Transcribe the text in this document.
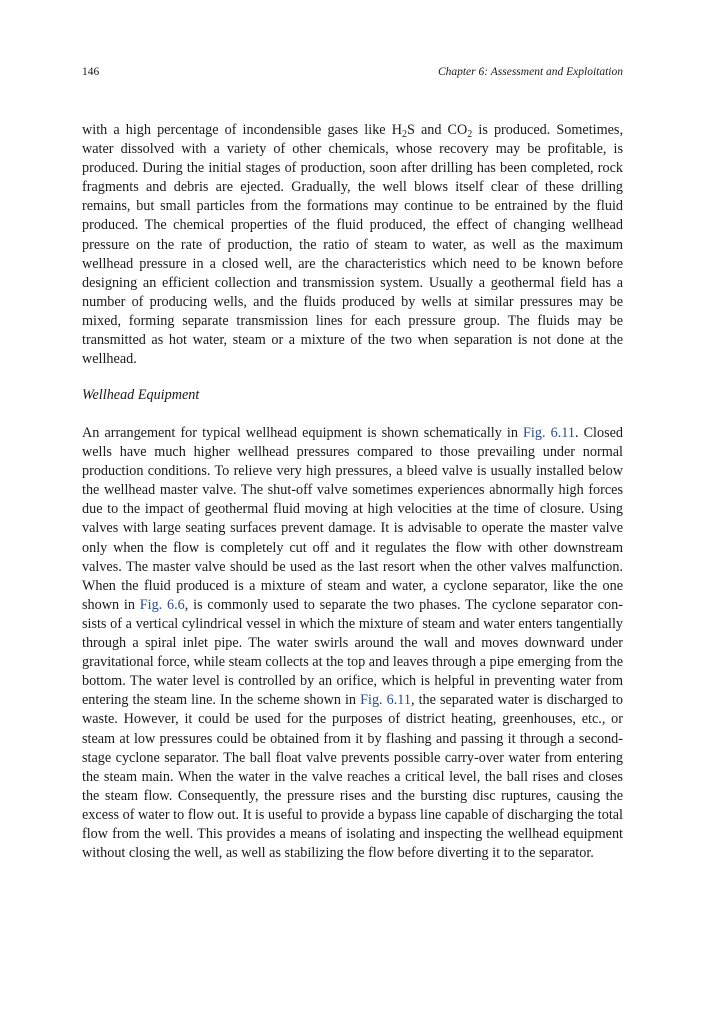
146	Chapter 6: Assessment and Exploitation

with a high percentage of incondensible gases like $H_2S$ and $CO_2$ is produced. Sometimes, water dissolved with a variety of other chemicals, whose recovery may be profitable, is produced. During the initial stages of production, soon after drilling has been completed, rock fragments and debris are ejected. Gradually, the well blows itself clear of these drilling remains, but small particles from the formations may continue to be entrained by the fluid produced. The chemical properties of the fluid produced, the effect of changing wellhead pressure on the rate of production, the ratio of steam to water, as well as the maximum wellhead pressure in a closed well, are the characteristics which need to be known before designing an efficient collection and transmission system. Usually a geothermal field has a number of producing wells, and the fluids produced by wells at similar pressures may be mixed, forming separate transmission lines for each pressure group. The fluids may be transmitted as hot water, steam or a mixture of the two when separation is not done at the wellhead.

Wellhead Equipment

An arrangement for typical wellhead equipment is shown schematically in Fig. 6.11. Closed wells have much higher wellhead pressures compared to those prevailing under normal production conditions. To relieve very high pressures, a bleed valve is usually installed below the wellhead master valve. The shut-off valve sometimes experiences abnormally high forces due to the impact of geothermal fluid moving at high velocities at the time of closure. Using valves with large seating surfaces prevent damage. It is advisable to operate the master valve only when the flow is completely cut off and it regulates the flow with other downstream valves. The master valve should be used as the last resort when the other valves malfunction. When the fluid produced is a mixture of steam and water, a cyclone separator, like the one shown in Fig. 6.6, is commonly used to separate the two phases. The cyclone separator consists of a vertical cylindrical vessel in which the mixture of steam and water enters tangentially through a spiral inlet pipe. The water swirls around the wall and moves downward under gravitational force, while steam collects at the top and leaves through a pipe emerging from the bottom. The water level is controlled by an orifice, which is helpful in preventing water from entering the steam line. In the scheme shown in Fig. 6.11, the separated water is discharged to waste. However, it could be used for the purposes of district heating, greenhouses, etc., or steam at low pressures could be obtained from it by flashing and passing it through a second-stage cyclone separator. The ball float valve prevents possible carry-over water from entering the steam main. When the water in the valve reaches a critical level, the ball rises and closes the steam flow. Consequently, the pressure rises and the bursting disc ruptures, causing the excess of water to flow out. It is useful to provide a bypass line capable of discharging the total flow from the well. This provides a means of isolating and inspecting the wellhead equipment without closing the well, as well as stabilizing the flow before diverting it to the separator.
